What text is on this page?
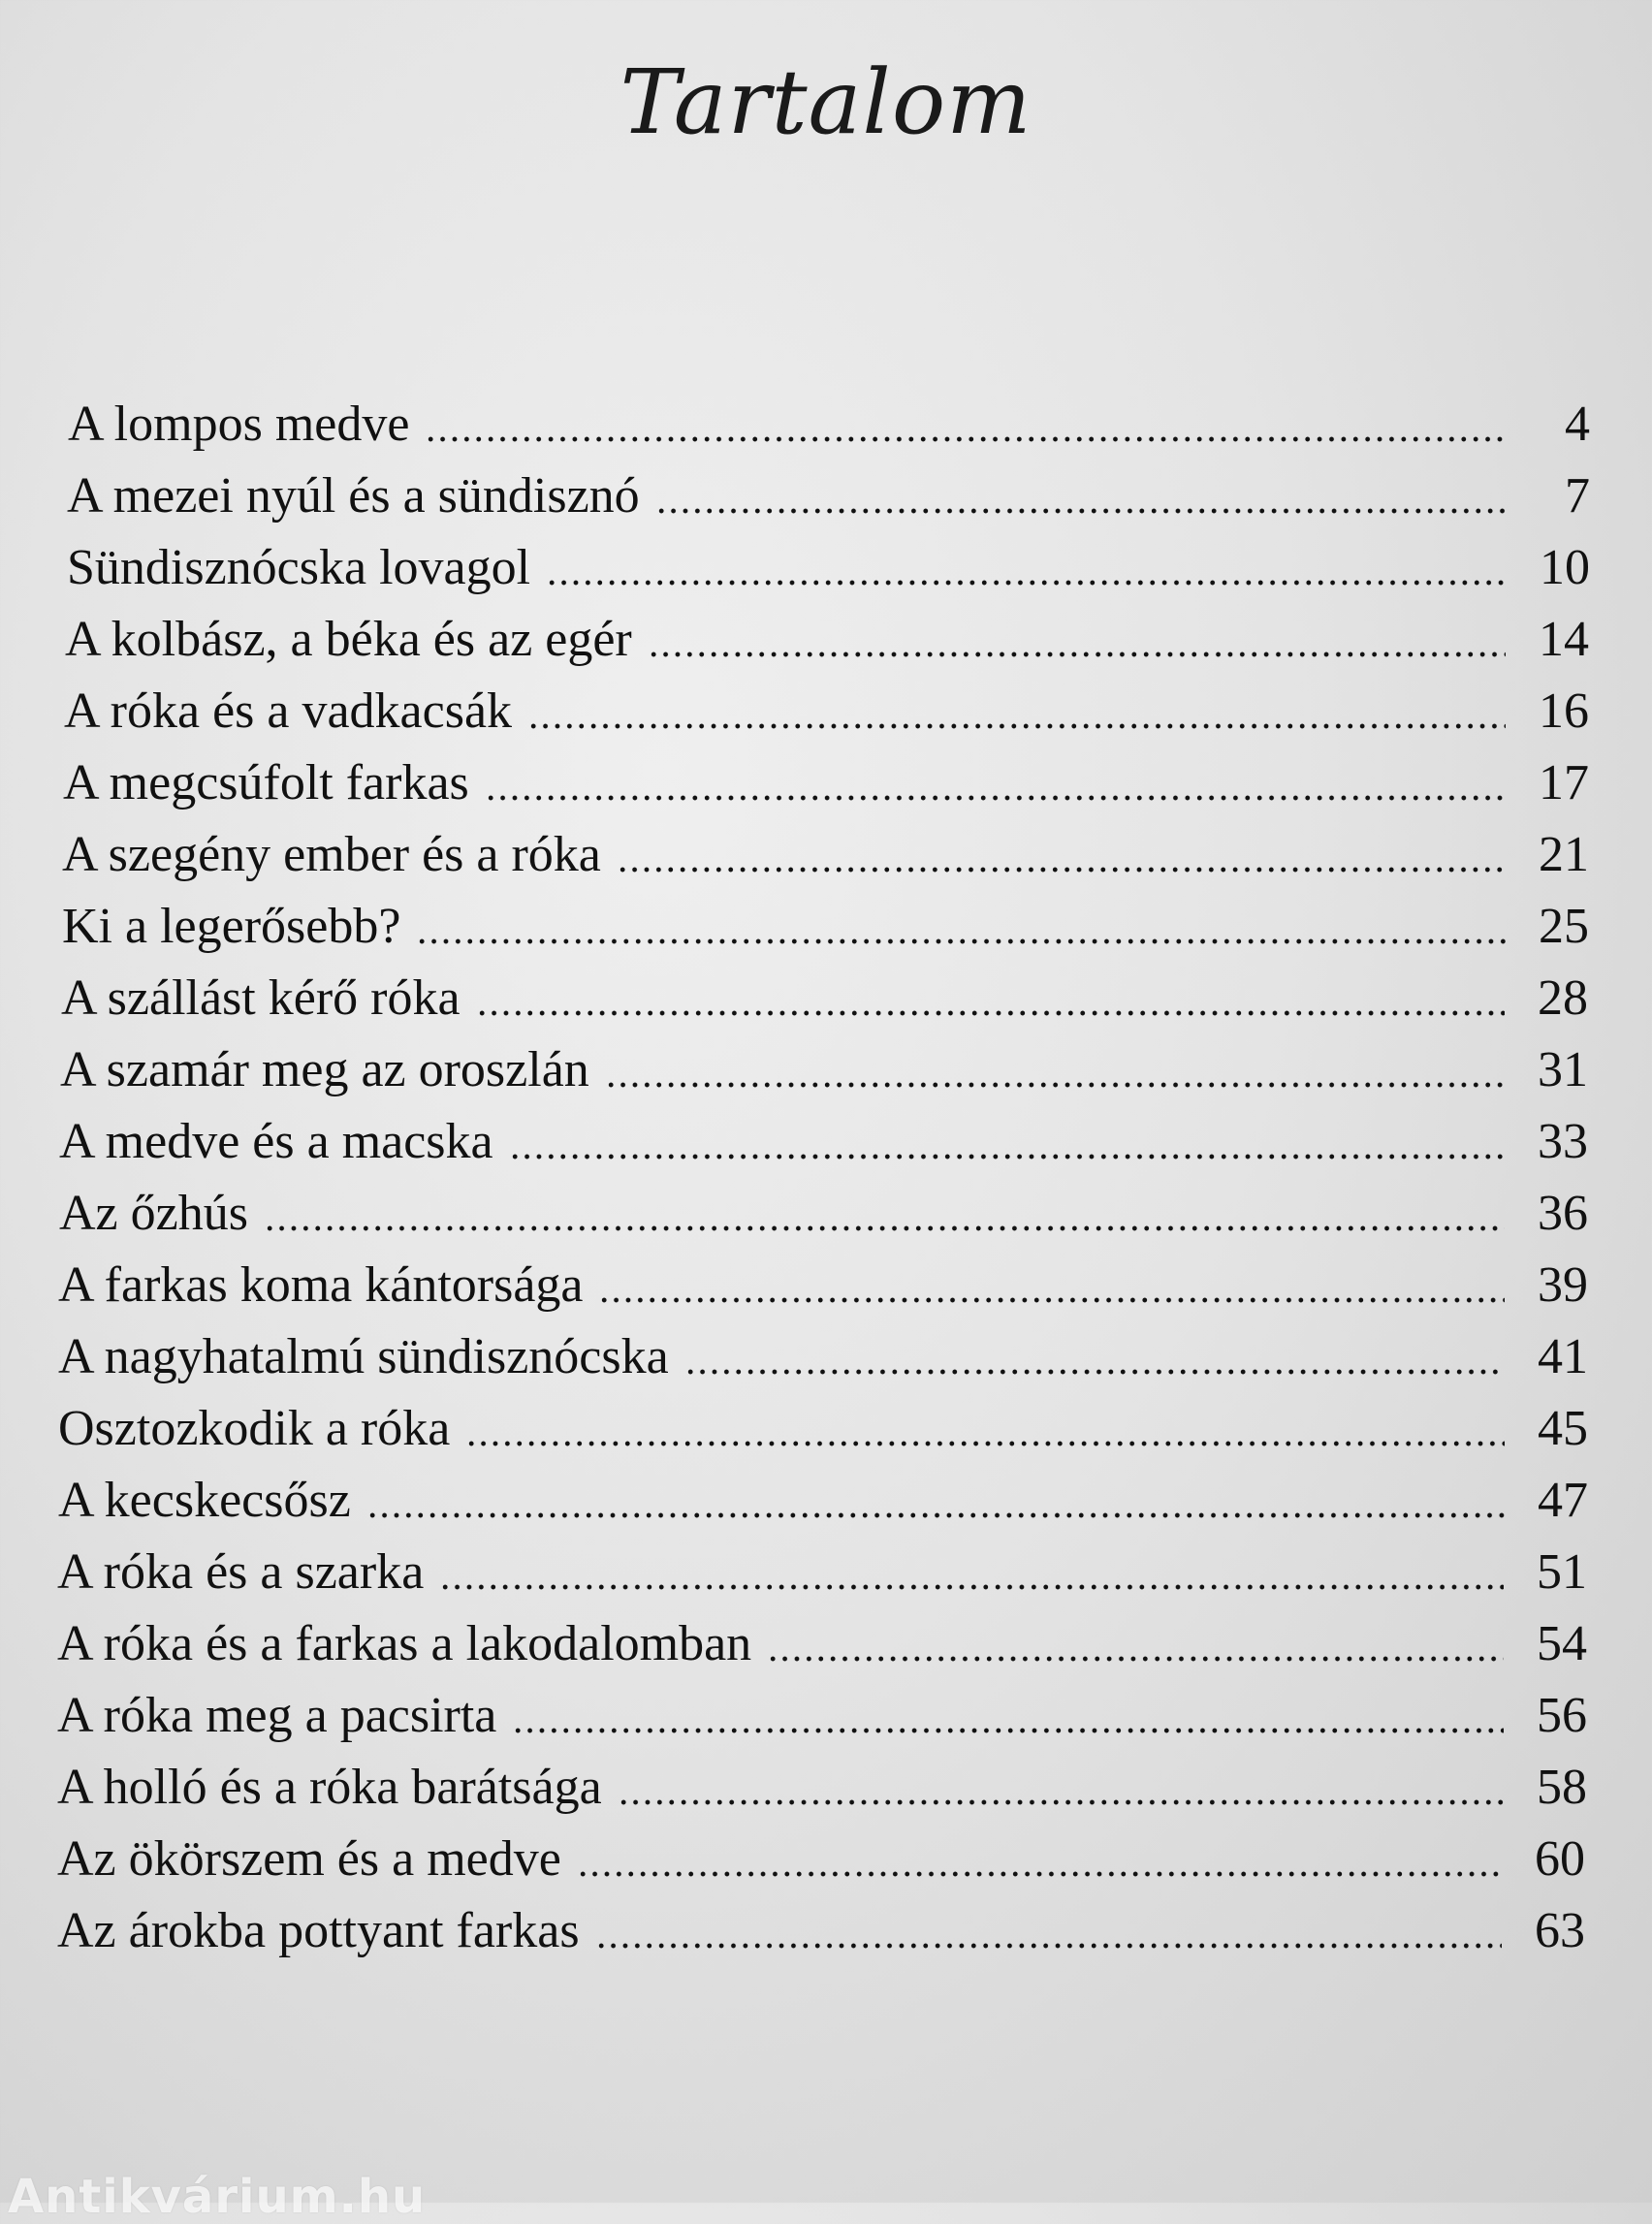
Tartalom
A lompos medve	4
A mezei nyúl és a sündisznó	7
Sündisznócska lovagol	10
A kolbász, a béka és az egér	14
A róka és a vadkacsák	16
A megcsúfolt farkas	17
A szegény ember és a róka	21
Ki a legerősebb?	25
A szállást kérő róka	28
A szamár meg az oroszlán	31
A medve és a macska	33
Az őzhús	36
A farkas koma kántorsága	39
A nagyhatalmú sündisznócska	41
Osztozkodik a róka	45
A kecskecsősz	47
A róka és a szarka	51
A róka és a farkas a lakodalomban	54
A róka meg a pacsirta	56
A holló és a róka barátsága	58
Az ökörszem és a medve	60
Az árokba pottyant farkas	63
Antikvárium.hu
